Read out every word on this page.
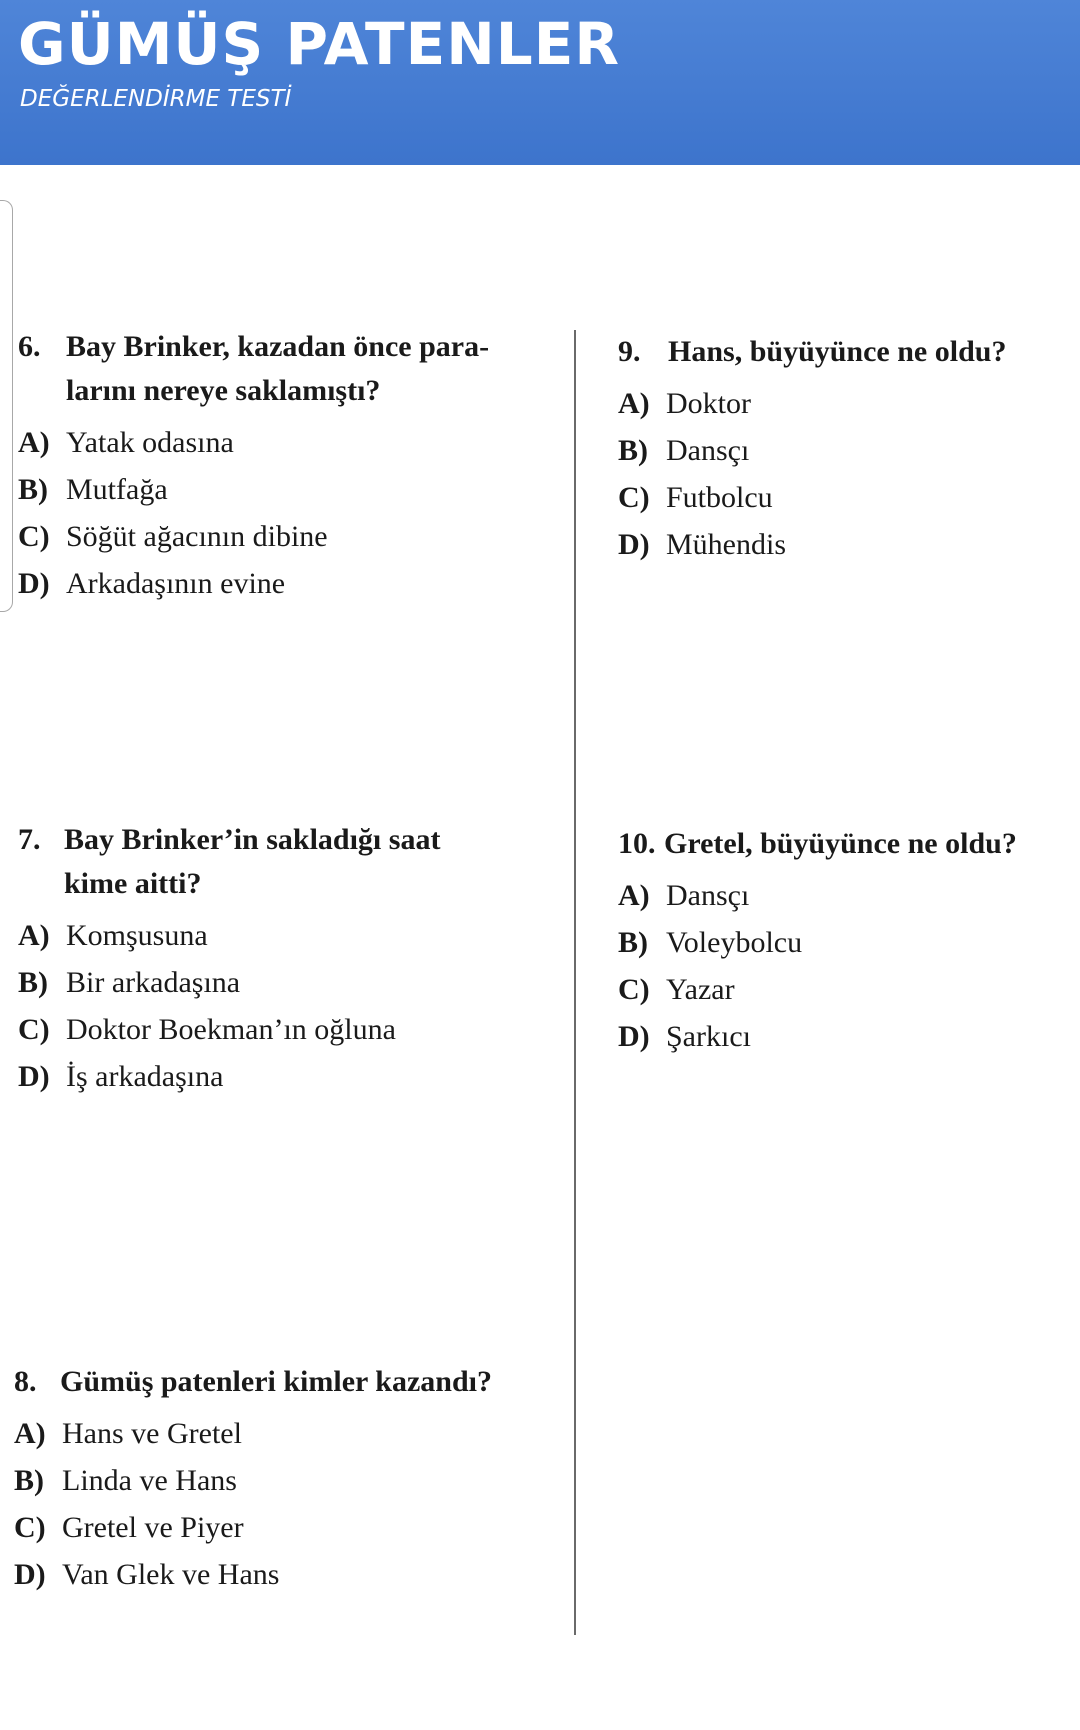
GÜMÜŞ PATENLER
DEĞERLENDİRME TESTİ
6. Bay Brinker, kazadan önce para-
larını nereye saklamıştı?
A) Yatak odasına
B) Mutfağa
C) Söğüt ağacının dibine
D) Arkadaşının evine
7. Bay Brinker’in sakladığı saat
kime aitti?
A) Komşusuna
B) Bir arkadaşına
C) Doktor Boekman’ın oğluna
D) İş arkadaşına
8. Gümüş patenleri kimler kazandı?
A) Hans ve Gretel
B) Linda ve Hans
C) Gretel ve Piyer
D) Van Glek ve Hans
9. Hans, büyüyünce ne oldu?
A) Doktor
B) Dansçı
C) Futbolcu
D) Mühendis
10. Gretel, büyüyünce ne oldu?
A) Dansçı
B) Voleybolcu
C) Yazar
D) Şarkıcı
